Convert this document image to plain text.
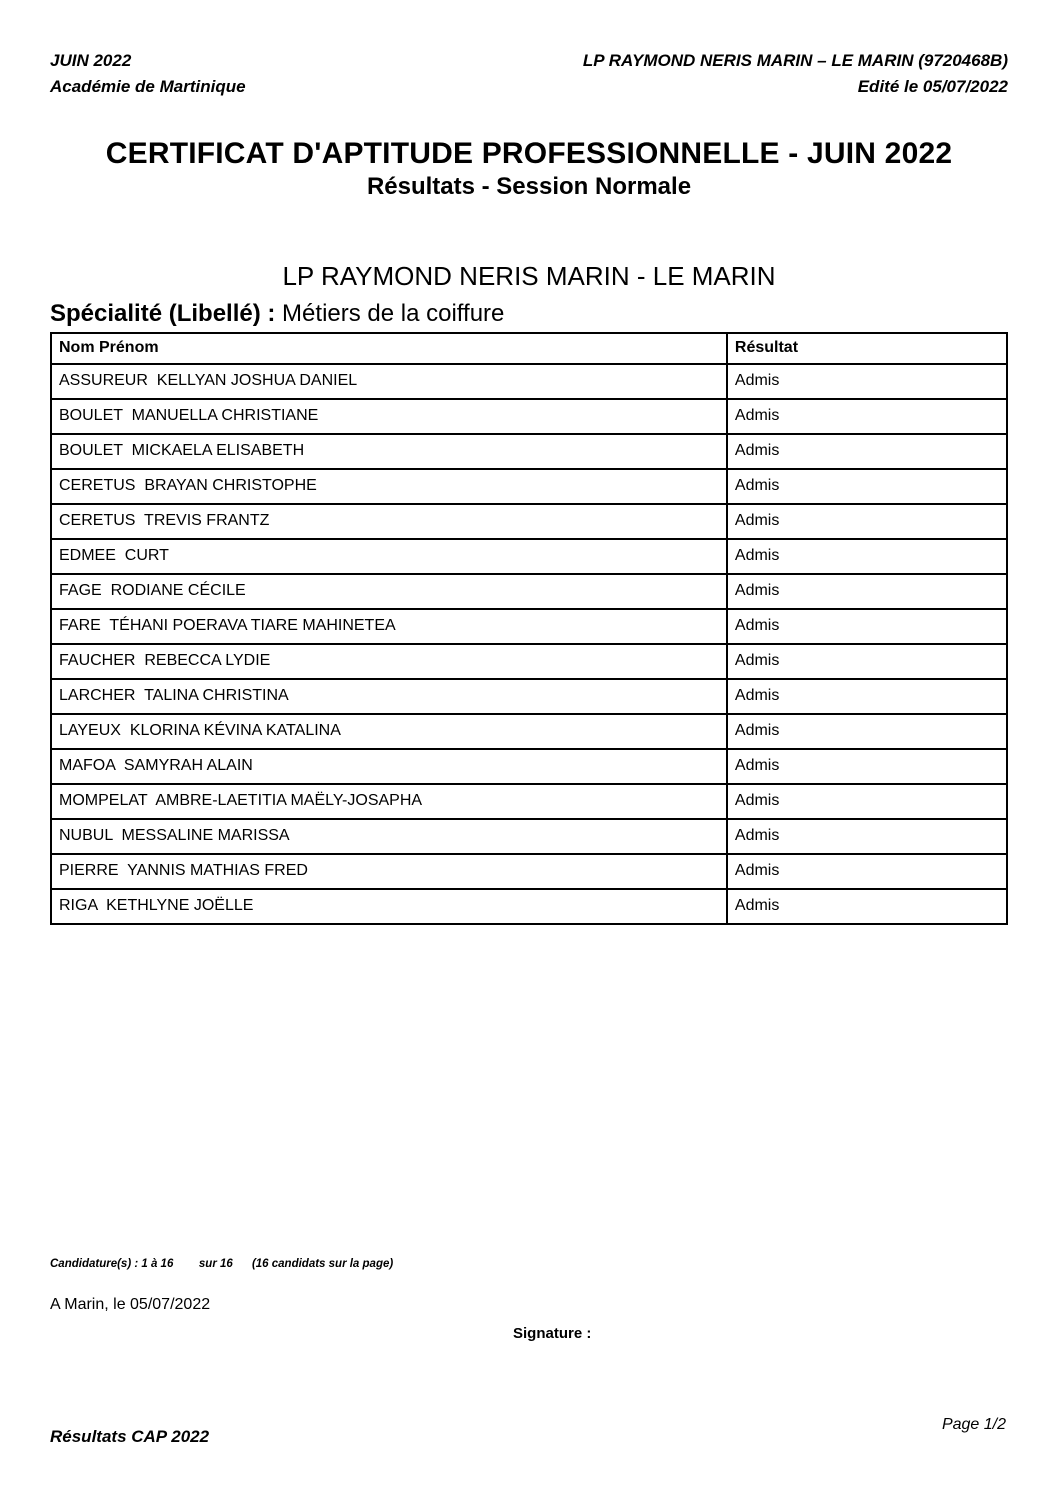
JUIN 2022
Académie de Martinique
LP RAYMOND NERIS MARIN – LE MARIN (9720468B)
Edité le 05/07/2022
CERTIFICAT D'APTITUDE PROFESSIONNELLE - JUIN 2022
Résultats - Session Normale
LP RAYMOND NERIS MARIN - LE MARIN
Spécialité (Libellé) : Métiers de la coiffure
Nom Prénom	Résultat
ASSUREUR  KELLYAN JOSHUA DANIEL	Admis
BOULET  MANUELLA CHRISTIANE	Admis
BOULET  MICKAELA ELISABETH	Admis
CERETUS  BRAYAN CHRISTOPHE	Admis
CERETUS  TREVIS FRANTZ	Admis
EDMEE  CURT	Admis
FAGE  RODIANE CÉCILE	Admis
FARE  TÉHANI POERAVA TIARE MAHINETEA	Admis
FAUCHER  REBECCA LYDIE	Admis
LARCHER  TALINA CHRISTINA	Admis
LAYEUX  KLORINA KÉVINA KATALINA	Admis
MAFOA  SAMYRAH ALAIN	Admis
MOMPELAT  AMBRE-LAETITIA MAËLY-JOSAPHA	Admis
NUBUL  MESSALINE MARISSA	Admis
PIERRE  YANNIS MATHIAS FRED	Admis
RIGA  KETHLYNE JOËLLE	Admis
Candidature(s) : 1 à 16        sur 16      (16 candidats sur la page)
A Marin, le 05/07/2022
Signature :
Résultats CAP 2022
Page 1/2
